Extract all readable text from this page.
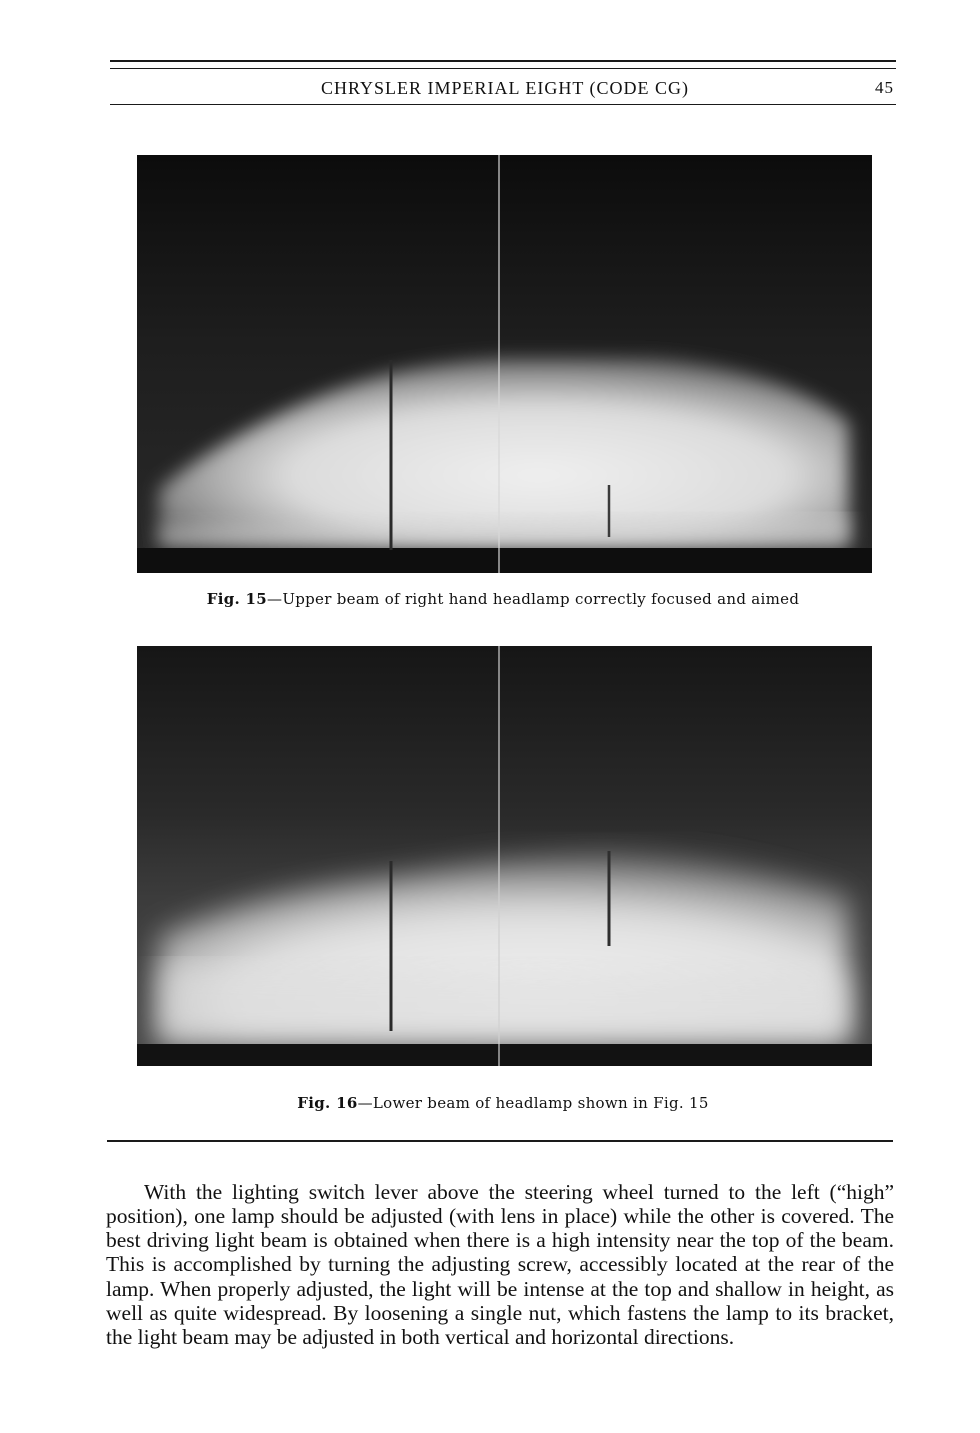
CHRYSLER IMPERIAL EIGHT (CODE CG)	45
Fig. 15—Upper beam of right hand headlamp correctly focused and aimed
Fig. 16—Lower beam of headlamp shown in Fig. 15

With the lighting switch lever above the steering wheel turned to the left (“high” position), one lamp should be adjusted (with lens in place) while the other is covered. The best driving light beam is obtained when there is a high intensity near the top of the beam. This is accomplished by turning the adjusting screw, accessibly located at the rear of the lamp. When properly adjusted, the light will be intense at the top and shallow in height, as well as quite widespread. By loosening a single nut, which fastens the lamp to its bracket, the light beam may be adjusted in both vertical and horizontal directions.
